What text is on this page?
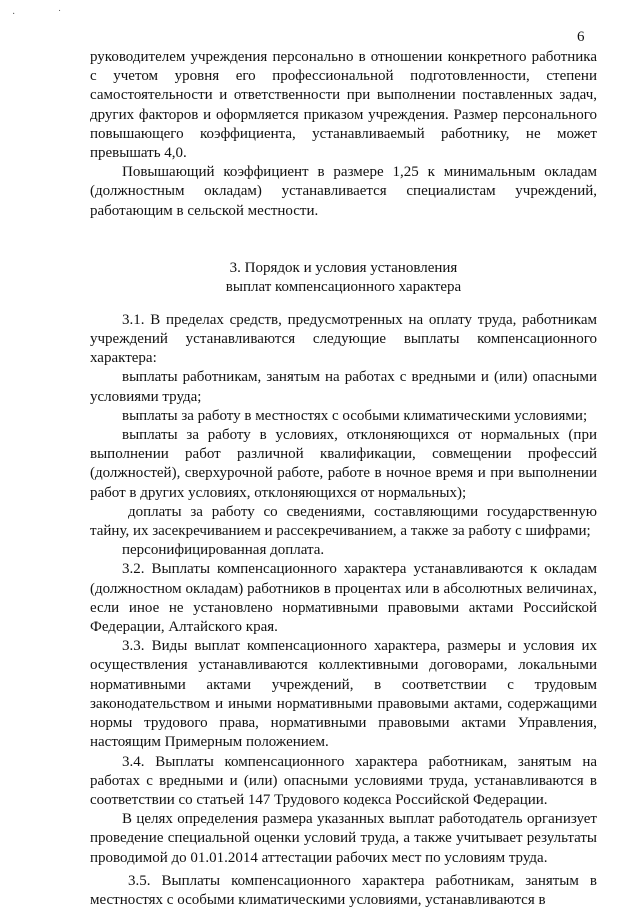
· ˙
6

руководителем учреждения персонально в отношении конкретного работника с учетом уровня его профессиональной подготовленности, степени самостоятельности и ответственности при выполнении поставленных задач, других факторов и оформляется приказом учреждения. Размер персонального повышающего коэффициента, устанавливаемый работнику, не может превышать 4,0.

Повышающий коэффициент в размере 1,25 к минимальным окладам (должностным окладам) устанавливается специалистам учреждений, работающим в сельской местности.

3. Порядок и условия установления
выплат компенсационного характера

3.1. В пределах средств, предусмотренных на оплату труда, работникам учреждений устанавливаются следующие выплаты компенсационного характера:

выплаты работникам, занятым на работах с вредными и (или) опасными условиями труда;

выплаты за работу в местностях с особыми климатическими условиями;

выплаты за работу в условиях, отклоняющихся от нормальных (при выполнении работ различной квалификации, совмещении профессий (должностей), сверхурочной работе, работе в ночное время и при выполнении работ в других условиях, отклоняющихся от нормальных);

доплаты за работу со сведениями, составляющими государственную тайну, их засекречиванием и рассекречиванием, а также за работу с шифрами;

персонифицированная доплата.

3.2. Выплаты компенсационного характера устанавливаются к окладам (должностном окладам) работников в процентах или в абсолютных величинах, если иное не установлено нормативными правовыми актами Российской Федерации, Алтайского края.

3.3. Виды выплат компенсационного характера, размеры и условия их осуществления устанавливаются коллективными договорами, локальными нормативными актами учреждений, в соответствии с трудовым законодательством и иными нормативными правовыми актами, содержащими нормы трудового права, нормативными правовыми актами Управления, настоящим Примерным положением.

3.4. Выплаты компенсационного характера работникам, занятым на работах с вредными и (или) опасными условиями труда, устанавливаются в соответствии со статьей 147 Трудового кодекса Российской Федерации.

В целях определения размера указанных выплат работодатель организует проведение специальной оценки условий труда, а также учитывает результаты проводимой до 01.01.2014 аттестации рабочих мест по условиям труда.

3.5. Выплаты компенсационного характера работникам, занятым в местностях с особыми климатическими условиями, устанавливаются в
